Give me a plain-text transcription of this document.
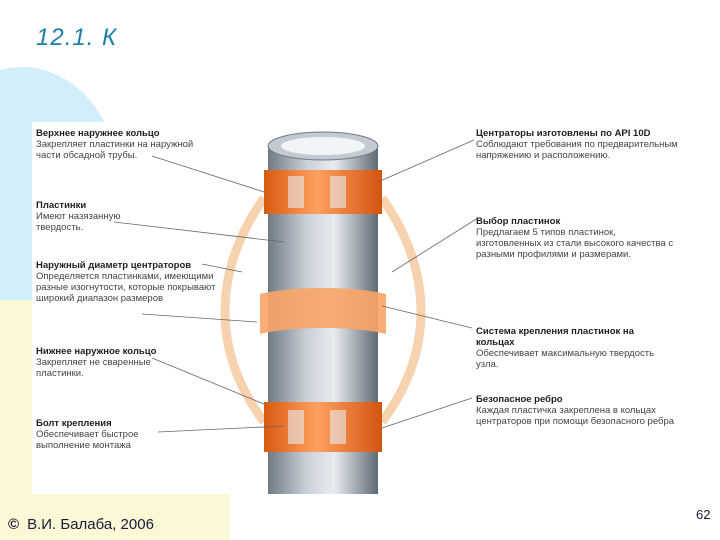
12.1. К
Верхнее наружнее кольцо
Закрепляет пластинки на наружной части обсадной трубы.
Пластинки
Имеют назязанную твердость.
Наружный диаметр центраторов
Определяется пластинками, имеющими разные изогнутости, которые покрывают широкий диапазон размеров
Нижнее наружное кольцо
Закрепляет не сваренные пластинки.
Болт крепления
Обеспечивает быстрое выполнение монтажа
Центраторы изготовлены по API 10D
Соблюдают требования по предварительным напряжению и расположению.
Выбор пластинок
Предлагаем 5 типов пластинок, изготовленных из стали высокого качества с разными профилями и размерами.
Система крепления пластинок на кольцах
Обеспечивает максимальную твердость узла.
Безопасное ребро
Каждая пластичка закреплена в кольцах центраторов при помощи безопасного ребра
© В.И. Балаба, 2006
62
